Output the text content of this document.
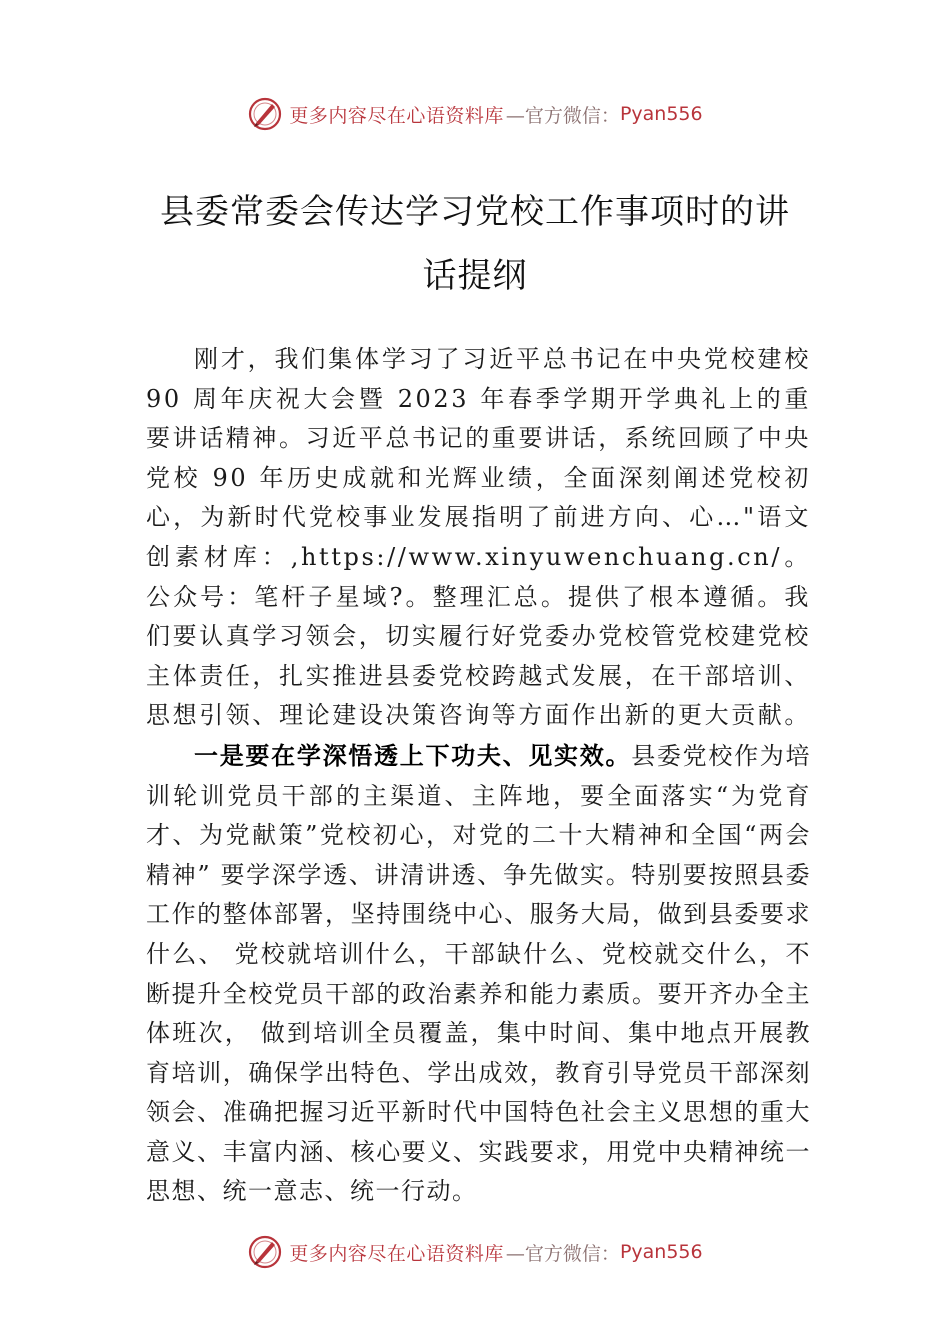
更多内容尽在心语资料库 —官方微信： Pyan556
县委常委会传达学习党校工作事项时的讲
话提纲

刚才，我们集体学习了习近平总书记在中央党校建校 90 周年庆祝大会暨 2023 年春季学期开学典礼上的重要讲话精神。习近平总书记的重要讲话，系统回顾了中央党校 90 年历史成就和光辉业绩，全面深刻阐述党校初心，为新时代党校事业发展指明了前进方向、心…"语文创素材库：,https://www.xinyuwenchuang.cn/。公众号：笔杆子星域?。整理汇总。提供了根本遵循。我们要认真学习领会，切实履行好党委办党校管党校建党校主体责任，扎实推进县委党校跨越式发展，在干部培训、思想引领、理论建设决策咨询等方面作出新的更大贡献。

一是要在学深悟透上下功夫、见实效。县委党校作为培训轮训党员干部的主渠道、主阵地，要全面落实“为党育才、为党献策”党校初心，对党的二十大精神和全国“两会精神” 要学深学透、讲清讲透、争先做实。特别要按照县委工作的整体部署，坚持围绕中心、服务大局，做到县委要求什么、 党校就培训什么，干部缺什么、党校就交什么，不断提升全校党员干部的政治素养和能力素质。要开齐办全主体班次， 做到培训全员覆盖，集中时间、集中地点开展教育培训，确保学出特色、学出成效，教育引导党员干部深刻领会、准确把握习近平新时代中国特色社会主义思想的重大意义、丰富内涵、核心要义、实践要求，用党中央精神统一思想、统一意志、统一行动。

更多内容尽在心语资料库 —官方微信： Pyan556
